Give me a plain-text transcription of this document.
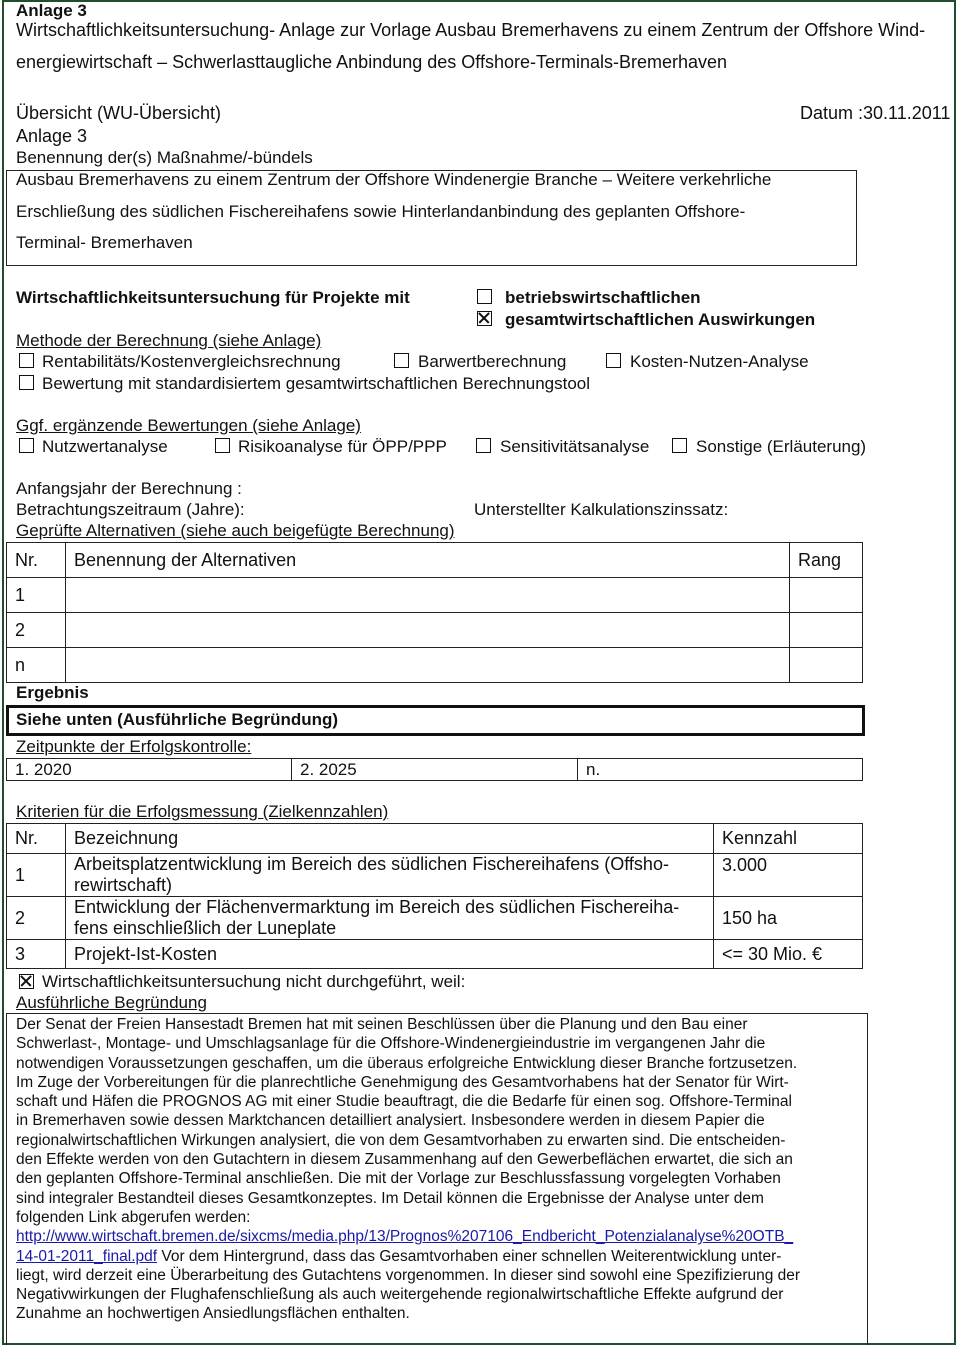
Anlage 3
Wirtschaftlichkeitsuntersuchung- Anlage zur Vorlage Ausbau Bremerhavens zu einem Zentrum der Offshore Wind-
energiewirtschaft – Schwerlasttaugliche Anbindung des Offshore-Terminals-Bremerhaven
Übersicht (WU-Übersicht)	Datum :30.11.2011
Anlage 3
Benennung der(s) Maßnahme/-bündels
Ausbau Bremerhavens zu einem Zentrum der Offshore Windenergie Branche – Weitere verkehrliche
Erschließung des südlichen Fischereihafens sowie Hinterlandanbindung des geplanten Offshore-
Terminal- Bremerhaven
Wirtschaftlichkeitsuntersuchung für Projekte mit	betriebswirtschaftlichen
gesamtwirtschaftlichen Auswirkungen
Methode der Berechnung (siehe Anlage)
Rentabilitäts/Kostenvergleichsrechnung	Barwertberechnung	Kosten-Nutzen-Analyse
Bewertung mit standardisiertem gesamtwirtschaftlichen Berechnungstool
Ggf. ergänzende Bewertungen (siehe Anlage)
Nutzwertanalyse	Risikoanalyse für ÖPP/PPP	Sensitivitätsanalyse	Sonstige (Erläuterung)
Anfangsjahr der Berechnung :
Betrachtungszeitraum (Jahre):	Unterstellter Kalkulationszinssatz:
Geprüfte Alternativen (siehe auch beigefügte Berechnung)
Nr.	Benennung der Alternativen	Rang
1		
2		
n		
Ergebnis
Siehe unten (Ausführliche Begründung)
Zeitpunkte der Erfolgskontrolle:
1. 2020	2. 2025	n.
Kriterien für die Erfolgsmessung (Zielkennzahlen)
Nr.	Bezeichnung	Kennzahl
1	Arbeitsplatzentwicklung im Bereich des südlichen Fischereihafens (Offsho-
rewirtschaft)	3.000
2	Entwicklung der Flächenvermarktung im Bereich des südlichen Fischereiha-
fens einschließlich der Luneplate	150 ha
3	Projekt-Ist-Kosten	<= 30 Mio. €
Wirtschaftlichkeitsuntersuchung nicht durchgeführt, weil:
Ausführliche Begründung
Der Senat der Freien Hansestadt Bremen hat mit seinen Beschlüssen über die Planung und den Bau einer
Schwerlast-, Montage- und Umschlagsanlage für die Offshore-Windenergieindustrie im vergangenen Jahr die
notwendigen Voraussetzungen geschaffen, um die überaus erfolgreiche Entwicklung dieser Branche fortzusetzen.
Im Zuge der Vorbereitungen für die planrechtliche Genehmigung des Gesamtvorhabens hat der Senator für Wirt-
schaft und Häfen die PROGNOS AG mit einer Studie beauftragt, die die Bedarfe für einen sog. Offshore-Terminal
in Bremerhaven sowie dessen Marktchancen detailliert analysiert. Insbesondere werden in diesem Papier die
regionalwirtschaftlichen Wirkungen analysiert, die von dem Gesamtvorhaben zu erwarten sind. Die entscheiden-
den Effekte werden von den Gutachtern in diesem Zusammenhang auf den Gewerbeflächen erwartet, die sich an
den geplanten Offshore-Terminal anschließen. Die mit der Vorlage zur Beschlussfassung vorgelegten Vorhaben
sind integraler Bestandteil dieses Gesamtkonzeptes. Im Detail können die Ergebnisse der Analyse unter dem
folgenden Link abgerufen werden:
http://www.wirtschaft.bremen.de/sixcms/media.php/13/Prognos%207106_Endbericht_Potenzialanalyse%20OTB_
14-01-2011_final.pdf Vor dem Hintergrund, dass das Gesamtvorhaben einer schnellen Weiterentwicklung unter-
liegt, wird derzeit eine Überarbeitung des Gutachtens vorgenommen. In dieser sind sowohl eine Spezifizierung der
Negativwirkungen der Flughafenschließung als auch weitergehende regionalwirtschaftliche Effekte aufgrund der
Zunahme an hochwertigen Ansiedlungsflächen enthalten.
